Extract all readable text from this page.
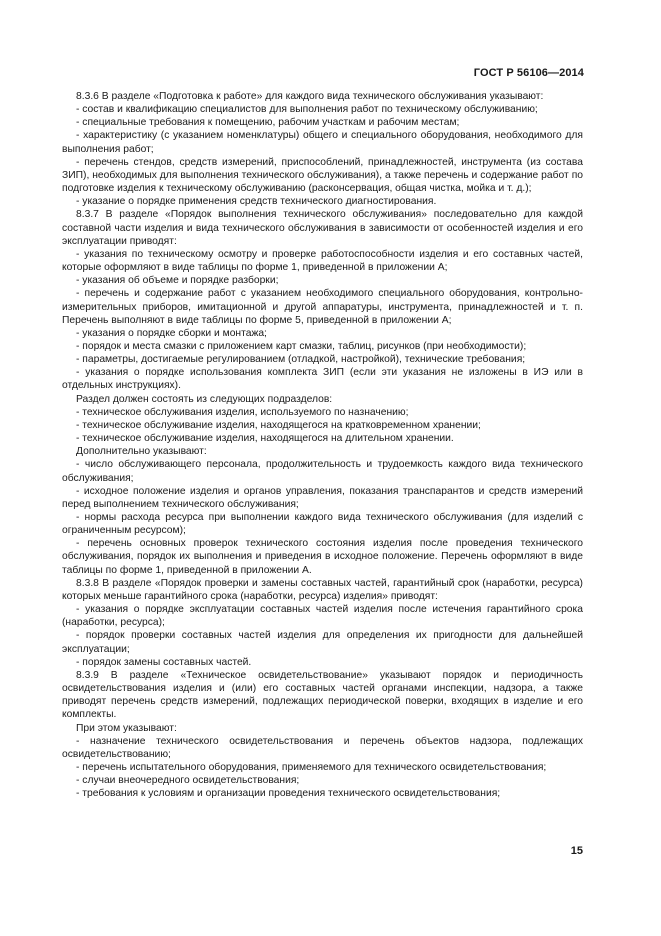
ГОСТ Р 56106—2014

8.3.6 В разделе «Подготовка к работе» для каждого вида технического обслуживания указывают:

- состав и квалификацию специалистов для выполнения работ по техническому обслуживанию;

- специальные требования к помещению, рабочим участкам и рабочим местам;

- характеристику (с указанием номенклатуры) общего и специального оборудования, необходимого для выполнения работ;

- перечень стендов, средств измерений, приспособлений, принадлежностей, инструмента (из состава ЗИП), необходимых для выполнения технического обслуживания), а также перечень и содержание работ по подготовке изделия к техническому обслуживанию (расконсервация, общая чистка, мойка и т. д.);

- указание о порядке применения средств технического диагностирования.

8.3.7 В разделе «Порядок выполнения технического обслуживания» последовательно для каждой составной части изделия и вида технического обслуживания в зависимости от особенностей изделия и его эксплуатации приводят:

- указания по техническому осмотру и проверке работоспособности изделия и его составных частей, которые оформляют в виде таблицы по форме 1, приведенной в приложении А;

- указания об объеме и порядке разборки;

- перечень и содержание работ с указанием необходимого специального оборудования, контрольно-измерительных приборов, имитационной и другой аппаратуры, инструмента, принадлежностей и т. п. Перечень выполняют в виде таблицы по форме 5, приведенной в приложении А;

- указания о порядке сборки и монтажа;

- порядок и места смазки с приложением карт смазки, таблиц, рисунков (при необходимости);

- параметры, достигаемые регулированием (отладкой, настройкой), технические требования;

- указания о порядке использования комплекта ЗИП (если эти указания не изложены в ИЭ или в отдельных инструкциях).

Раздел должен состоять из следующих подразделов:

- техническое обслуживания изделия, используемого по назначению;

- техническое обслуживание изделия, находящегося на кратковременном хранении;

- техническое обслуживание изделия, находящегося на длительном хранении.

Дополнительно указывают:

- число обслуживающего персонала, продолжительность и трудоемкость каждого вида технического обслуживания;

- исходное положение изделия и органов управления, показания транспарантов и средств измерений перед выполнением технического обслуживания;

- нормы расхода ресурса при выполнении каждого вида технического обслуживания (для изделий с ограниченным ресурсом);

- перечень основных проверок технического состояния изделия после проведения технического обслуживания, порядок их выполнения и приведения в исходное положение. Перечень оформляют в виде таблицы по форме 1, приведенной в приложении А.

8.3.8 В разделе «Порядок проверки и замены составных частей, гарантийный срок (наработки, ресурса) которых меньше гарантийного срока (наработки, ресурса) изделия» приводят:

- указания о порядке эксплуатации составных частей изделия после истечения гарантийного срока (наработки, ресурса);

- порядок проверки составных частей изделия для определения их пригодности для дальнейшей эксплуатации;

- порядок замены составных частей.

8.3.9 В разделе «Техническое освидетельствование» указывают порядок и периодичность освидетельствования изделия и (или) его составных частей органами инспекции, надзора, а также приводят перечень средств измерений, подлежащих периодической поверки, входящих в изделие и его комплекты.

При этом указывают:

- назначение технического освидетельствования и перечень объектов надзора, подлежащих освидетельствованию;

- перечень испытательного оборудования, применяемого для технического освидетельствования;

- случаи внеочередного освидетельствования;

- требования к условиям и организации проведения технического освидетельствования;

15
